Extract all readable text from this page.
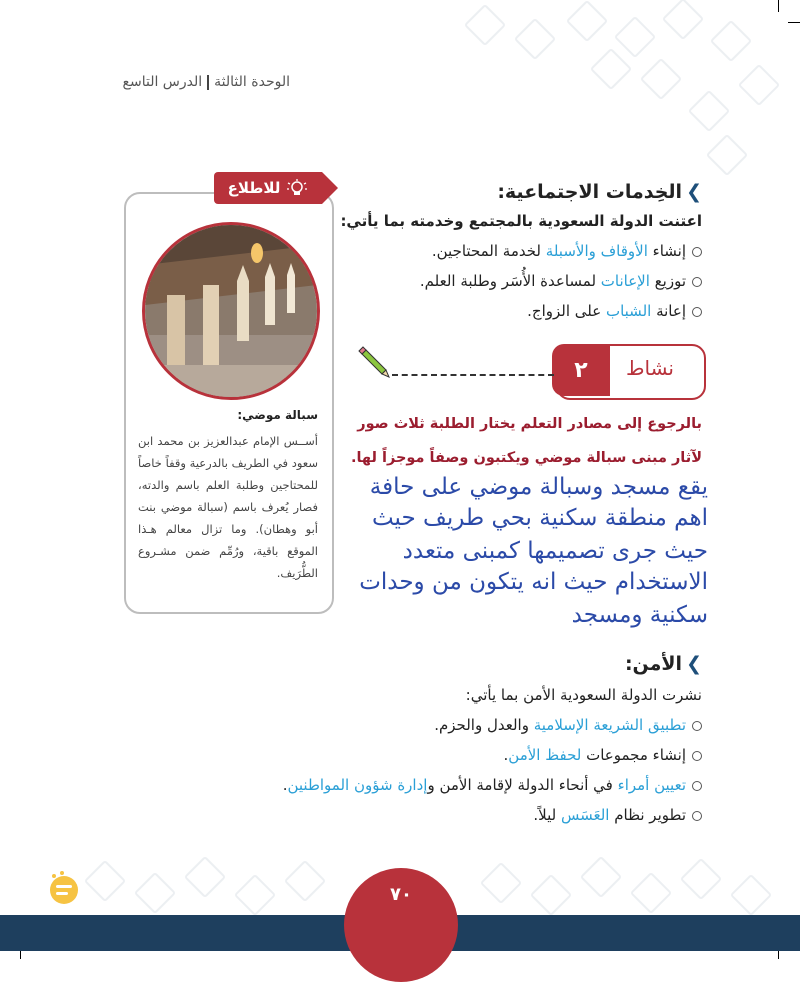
الوحدة الثالثةالدرس التاسع
للاطلاع
سبالة موضي:
أســس الإمام عبدالعزيز بن محمد ابن سعود في الطريف بالدرعية وقفاً خاصاً للمحتاجين وطلبة العلم باسم والدته، فصار يُعرف باسم (سبالة موضي بنت أبو وهطان). وما تزال معالم هـذا الموقع باقية، ورُمِّم ضمن مشـروع الطُّرَيف.
❯الخِدمات الاجتماعية:
اعتنت الدولة السعودية بالمجتمع وخدمته بما يأتي:
إنشاء الأوقاف والأسبلة لخدمة المحتاجين.
توزيع الإعانات لمساعدة الأُسَر وطلبة العلم.
إعانة الشباب على الزواج.
٢	نشاط
بالرجوع إلى مصادر التعلم يختار الطلبة ثلاث صور
لآثار مبنى سبالة موضي ويكتبون وصفاً موجزاً لها.
يقع مسجد وسبالة موضي على حافة
اهم منطقة سكنية بحي طريف حيث
حيث جرى تصميمها كمبنى متعدد
الاستخدام حيث انه يتكون من وحدات
سكنية ومسجد
❯الأمن:
نشرت الدولة السعودية الأمن بما يأتي:
تطبيق الشريعة الإسلامية والعدل والحزم.
إنشاء مجموعات لحفظ الأمن.
تعيين أمراء في أنحاء الدولة لإقامة الأمن وإدارة شؤون المواطنين.
تطوير نظام العَسَس ليلاً.
٧٠
